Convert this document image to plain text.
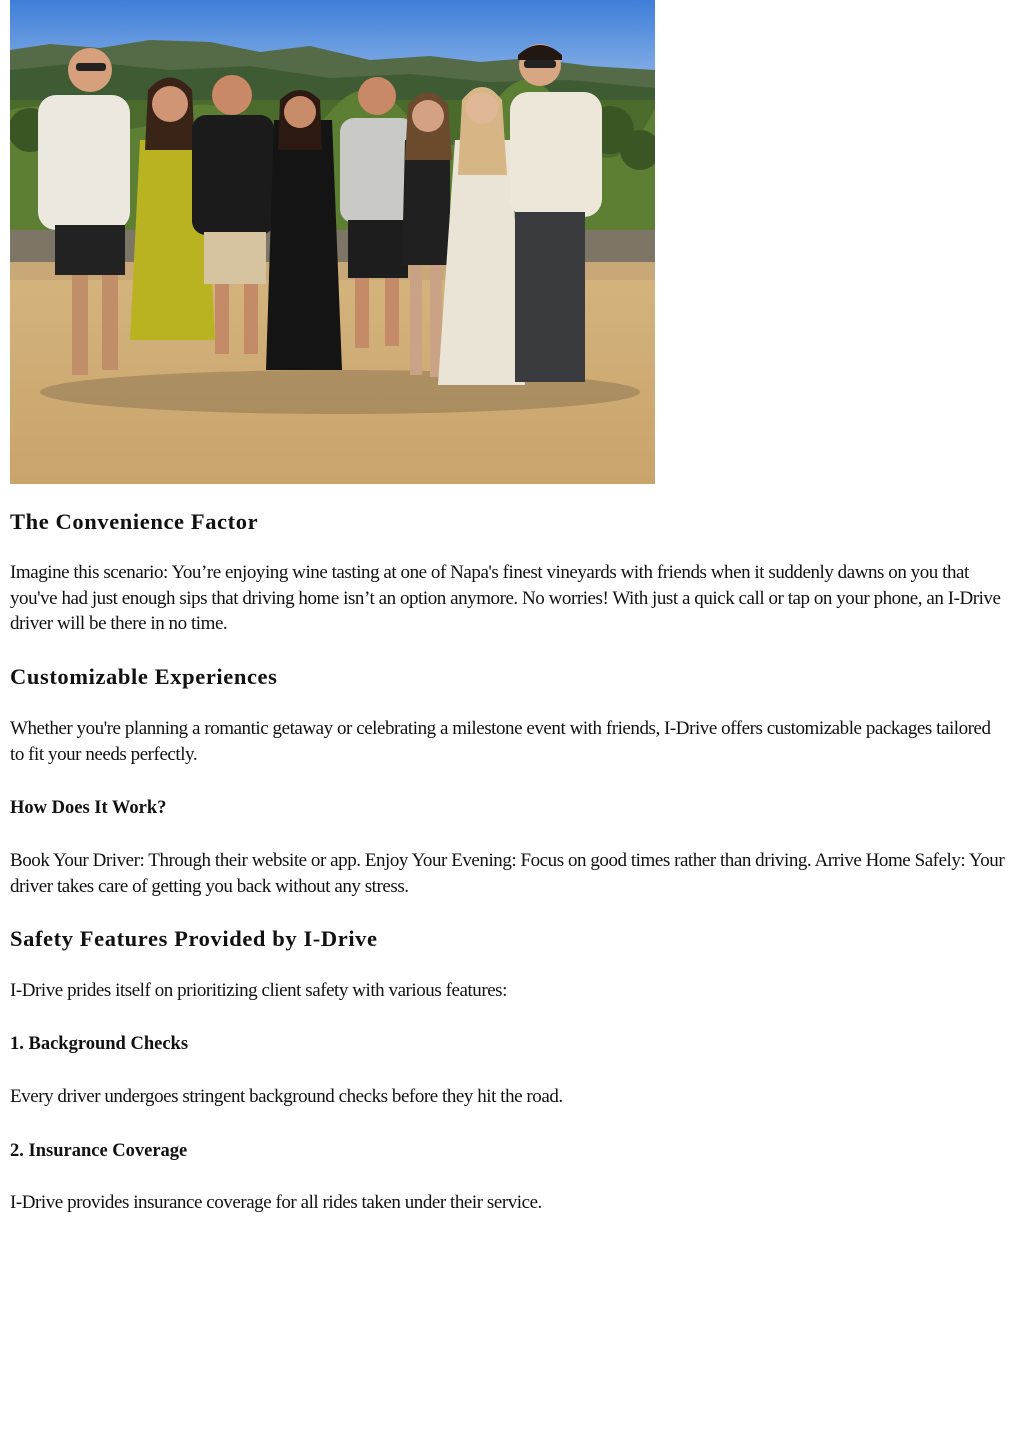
The Convenience Factor

Imagine this scenario: You’re enjoying wine tasting at one of Napa's finest vineyards with friends when it suddenly dawns on you that you've had just enough sips that driving home isn’t an option anymore. No worries! With just a quick call or tap on your phone, an I-Drive driver will be there in no time.

Customizable Experiences

Whether you're planning a romantic getaway or celebrating a milestone event with friends, I-Drive offers customizable packages tailored to fit your needs perfectly.

How Does It Work?

Book Your Driver: Through their website or app. Enjoy Your Evening: Focus on good times rather than driving. Arrive Home Safely: Your driver takes care of getting you back without any stress.

Safety Features Provided by I-Drive

I-Drive prides itself on prioritizing client safety with various features:

1. Background Checks

Every driver undergoes stringent background checks before they hit the road.

2. Insurance Coverage

I-Drive provides insurance coverage for all rides taken under their service.
